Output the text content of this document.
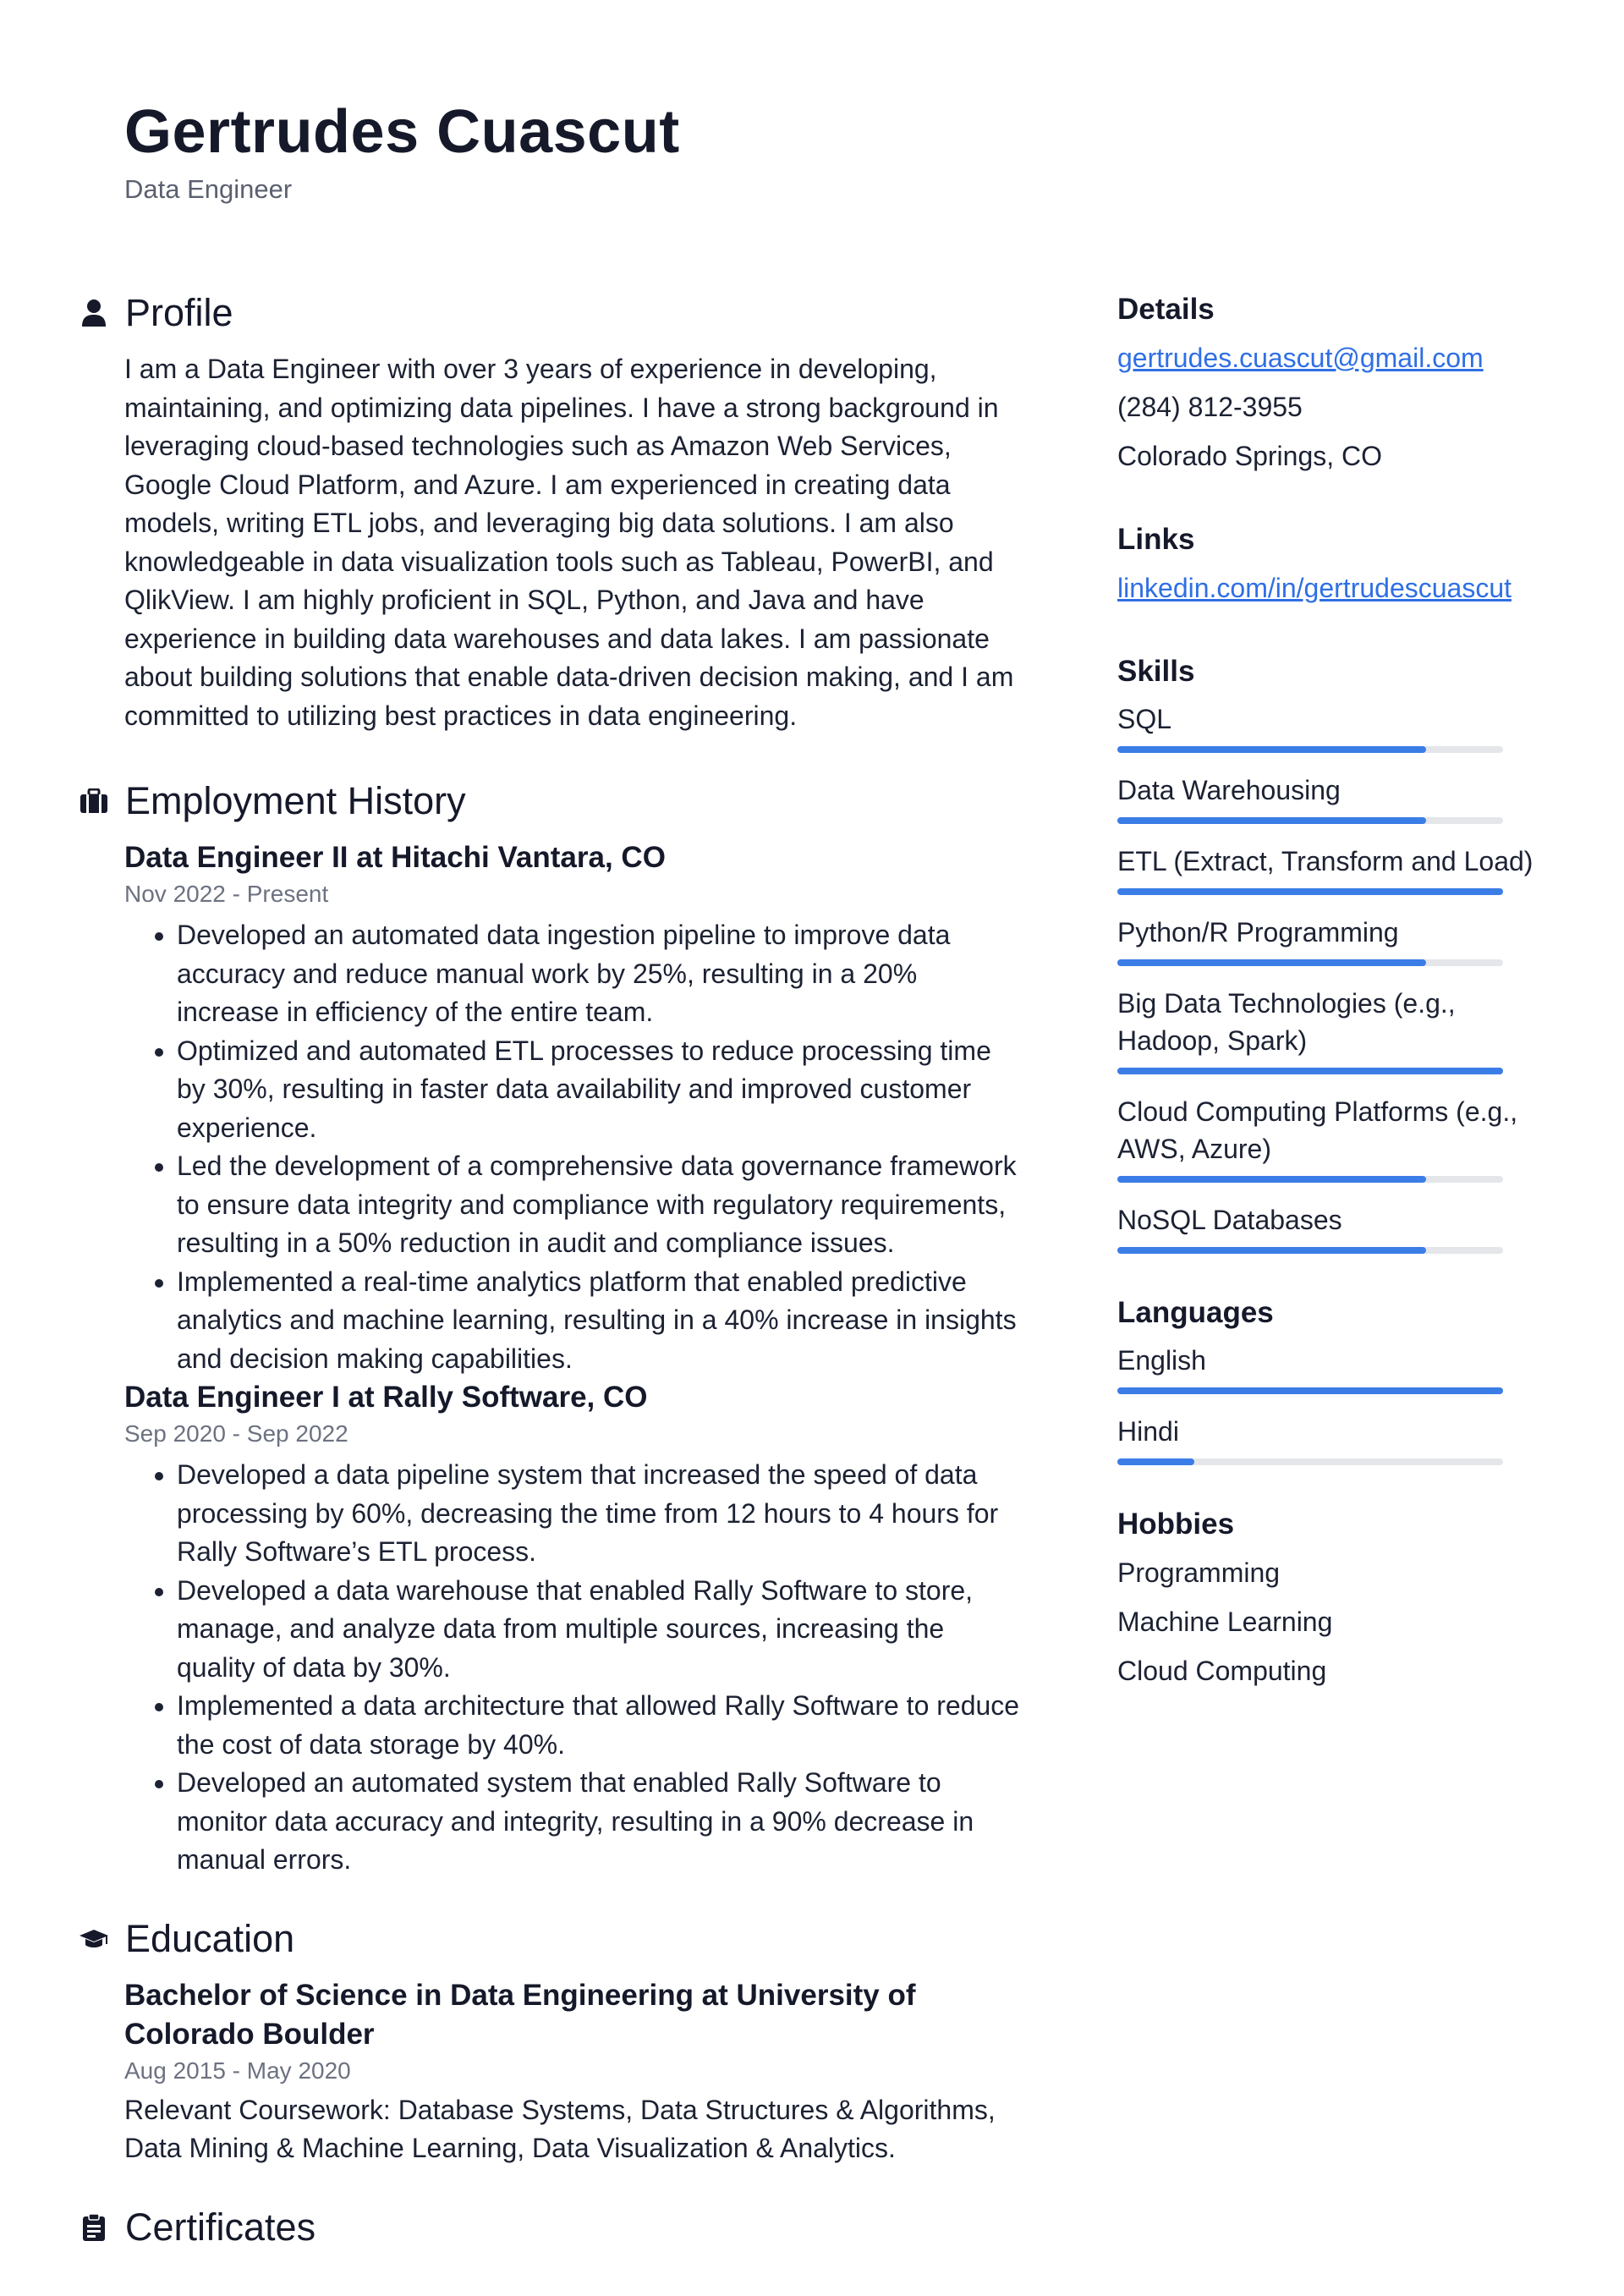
Gertrudes Cuascut
Data Engineer
Profile
I am a Data Engineer with over 3 years of experience in developing, maintaining, and optimizing data pipelines. I have a strong background in leveraging cloud-based technologies such as Amazon Web Services, Google Cloud Platform, and Azure. I am experienced in creating data models, writing ETL jobs, and leveraging big data solutions. I am also knowledgeable in data visualization tools such as Tableau, PowerBI, and QlikView. I am highly proficient in SQL, Python, and Java and have experience in building data warehouses and data lakes. I am passionate about building solutions that enable data-driven decision making, and I am committed to utilizing best practices in data engineering.
Employment History
Data Engineer II at Hitachi Vantara, CO
Nov 2022 - Present
• Developed an automated data ingestion pipeline to improve data accuracy and reduce manual work by 25%, resulting in a 20% increase in efficiency of the entire team.
• Optimized and automated ETL processes to reduce processing time by 30%, resulting in faster data availability and improved customer experience.
• Led the development of a comprehensive data governance framework to ensure data integrity and compliance with regulatory requirements, resulting in a 50% reduction in audit and compliance issues.
• Implemented a real-time analytics platform that enabled predictive analytics and machine learning, resulting in a 40% increase in insights and decision making capabilities.
Data Engineer I at Rally Software, CO
Sep 2020 - Sep 2022
• Developed a data pipeline system that increased the speed of data processing by 60%, decreasing the time from 12 hours to 4 hours for Rally Software’s ETL process.
• Developed a data warehouse that enabled Rally Software to store, manage, and analyze data from multiple sources, increasing the quality of data by 30%.
• Implemented a data architecture that allowed Rally Software to reduce the cost of data storage by 40%.
• Developed an automated system that enabled Rally Software to monitor data accuracy and integrity, resulting in a 90% decrease in manual errors.
Education
Bachelor of Science in Data Engineering at University of Colorado Boulder
Aug 2015 - May 2020
Relevant Coursework: Database Systems, Data Structures & Algorithms, Data Mining & Machine Learning, Data Visualization & Analytics.
Certificates
Details
gertrudes.cuascut@gmail.com
(284) 812-3955
Colorado Springs, CO
Links
linkedin.com/in/gertrudescuascut
Skills
SQL
Data Warehousing
ETL (Extract, Transform and Load)
Python/R Programming
Big Data Technologies (e.g., Hadoop, Spark)
Cloud Computing Platforms (e.g., AWS, Azure)
NoSQL Databases
Languages
English
Hindi
Hobbies
Programming
Machine Learning
Cloud Computing
